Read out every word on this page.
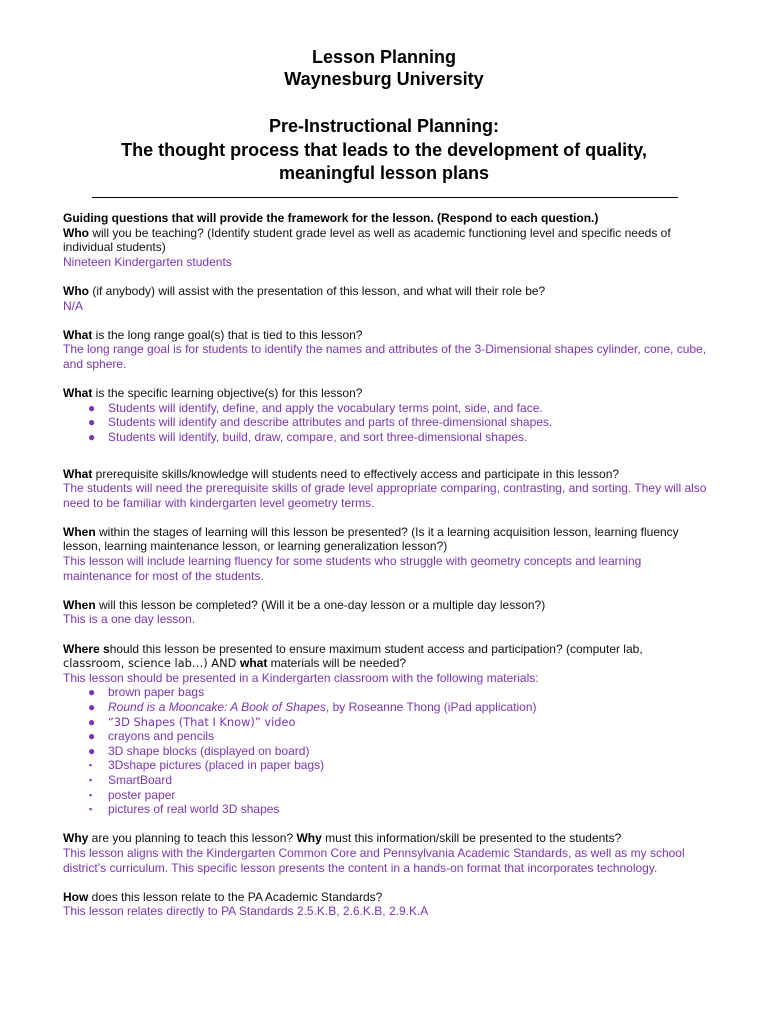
Lesson Planning
Waynesburg University
Pre-Instructional Planning:
The thought process that leads to the development of quality,
meaningful lesson plans

Guiding questions that will provide the framework for the lesson. (Respond to each question.)

Who will you be teaching? (Identify student grade level as well as academic functioning level and specific needs of individual students)

Nineteen Kindergarten students

Who (if anybody) will assist with the presentation of this lesson, and what will their role be?

N/A

What is the long range goal(s) that is tied to this lesson?

The long range goal is for students to identify the names and attributes of the 3-Dimensional shapes cylinder, cone, cube, and sphere.

What is the specific learning objective(s) for this lesson?

● Students will identify, define, and apply the vocabulary terms point, side, and face.
● Students will identify and describe attributes and parts of three-dimensional shapes.
● Students will identify, build, draw, compare, and sort three-dimensional shapes.

What prerequisite skills/knowledge will students need to effectively access and participate in this lesson?

The students will need the prerequisite skills of grade level appropriate comparing, contrasting, and sorting. They will also need to be familiar with kindergarten level geometry terms.

When within the stages of learning will this lesson be presented? (Is it a learning acquisition lesson, learning fluency lesson, learning maintenance lesson, or learning generalization lesson?)

This lesson will include learning fluency for some students who struggle with geometry concepts and learning maintenance for most of the students.

When will this lesson be completed? (Will it be a one-day lesson or a multiple day lesson?)

This is a one day lesson.

Where should this lesson be presented to ensure maximum student access and participation? (computer lab,

classroom, science lab…) AND what materials will be needed?

This lesson should be presented in a Kindergarten classroom with the following materials:

● brown paper bags
● Round is a Mooncake: A Book of Shapes, by Roseanne Thong (iPad application)
● “3D Shapes (That I Know)” video
● crayons and pencils
● 3D shape blocks (displayed on board)
▪ 3Dshape pictures (placed in paper bags)
▪ SmartBoard
▪ poster paper
▪ pictures of real world 3D shapes

Why are you planning to teach this lesson? Why must this information/skill be presented to the students?

This lesson aligns with the Kindergarten Common Core and Pennsylvania Academic Standards, as well as my school district’s curriculum. This specific lesson presents the content in a hands-on format that incorporates technology.

How does this lesson relate to the PA Academic Standards?

This lesson relates directly to PA Standards 2.5.K.B, 2.6.K.B, 2.9.K.A
